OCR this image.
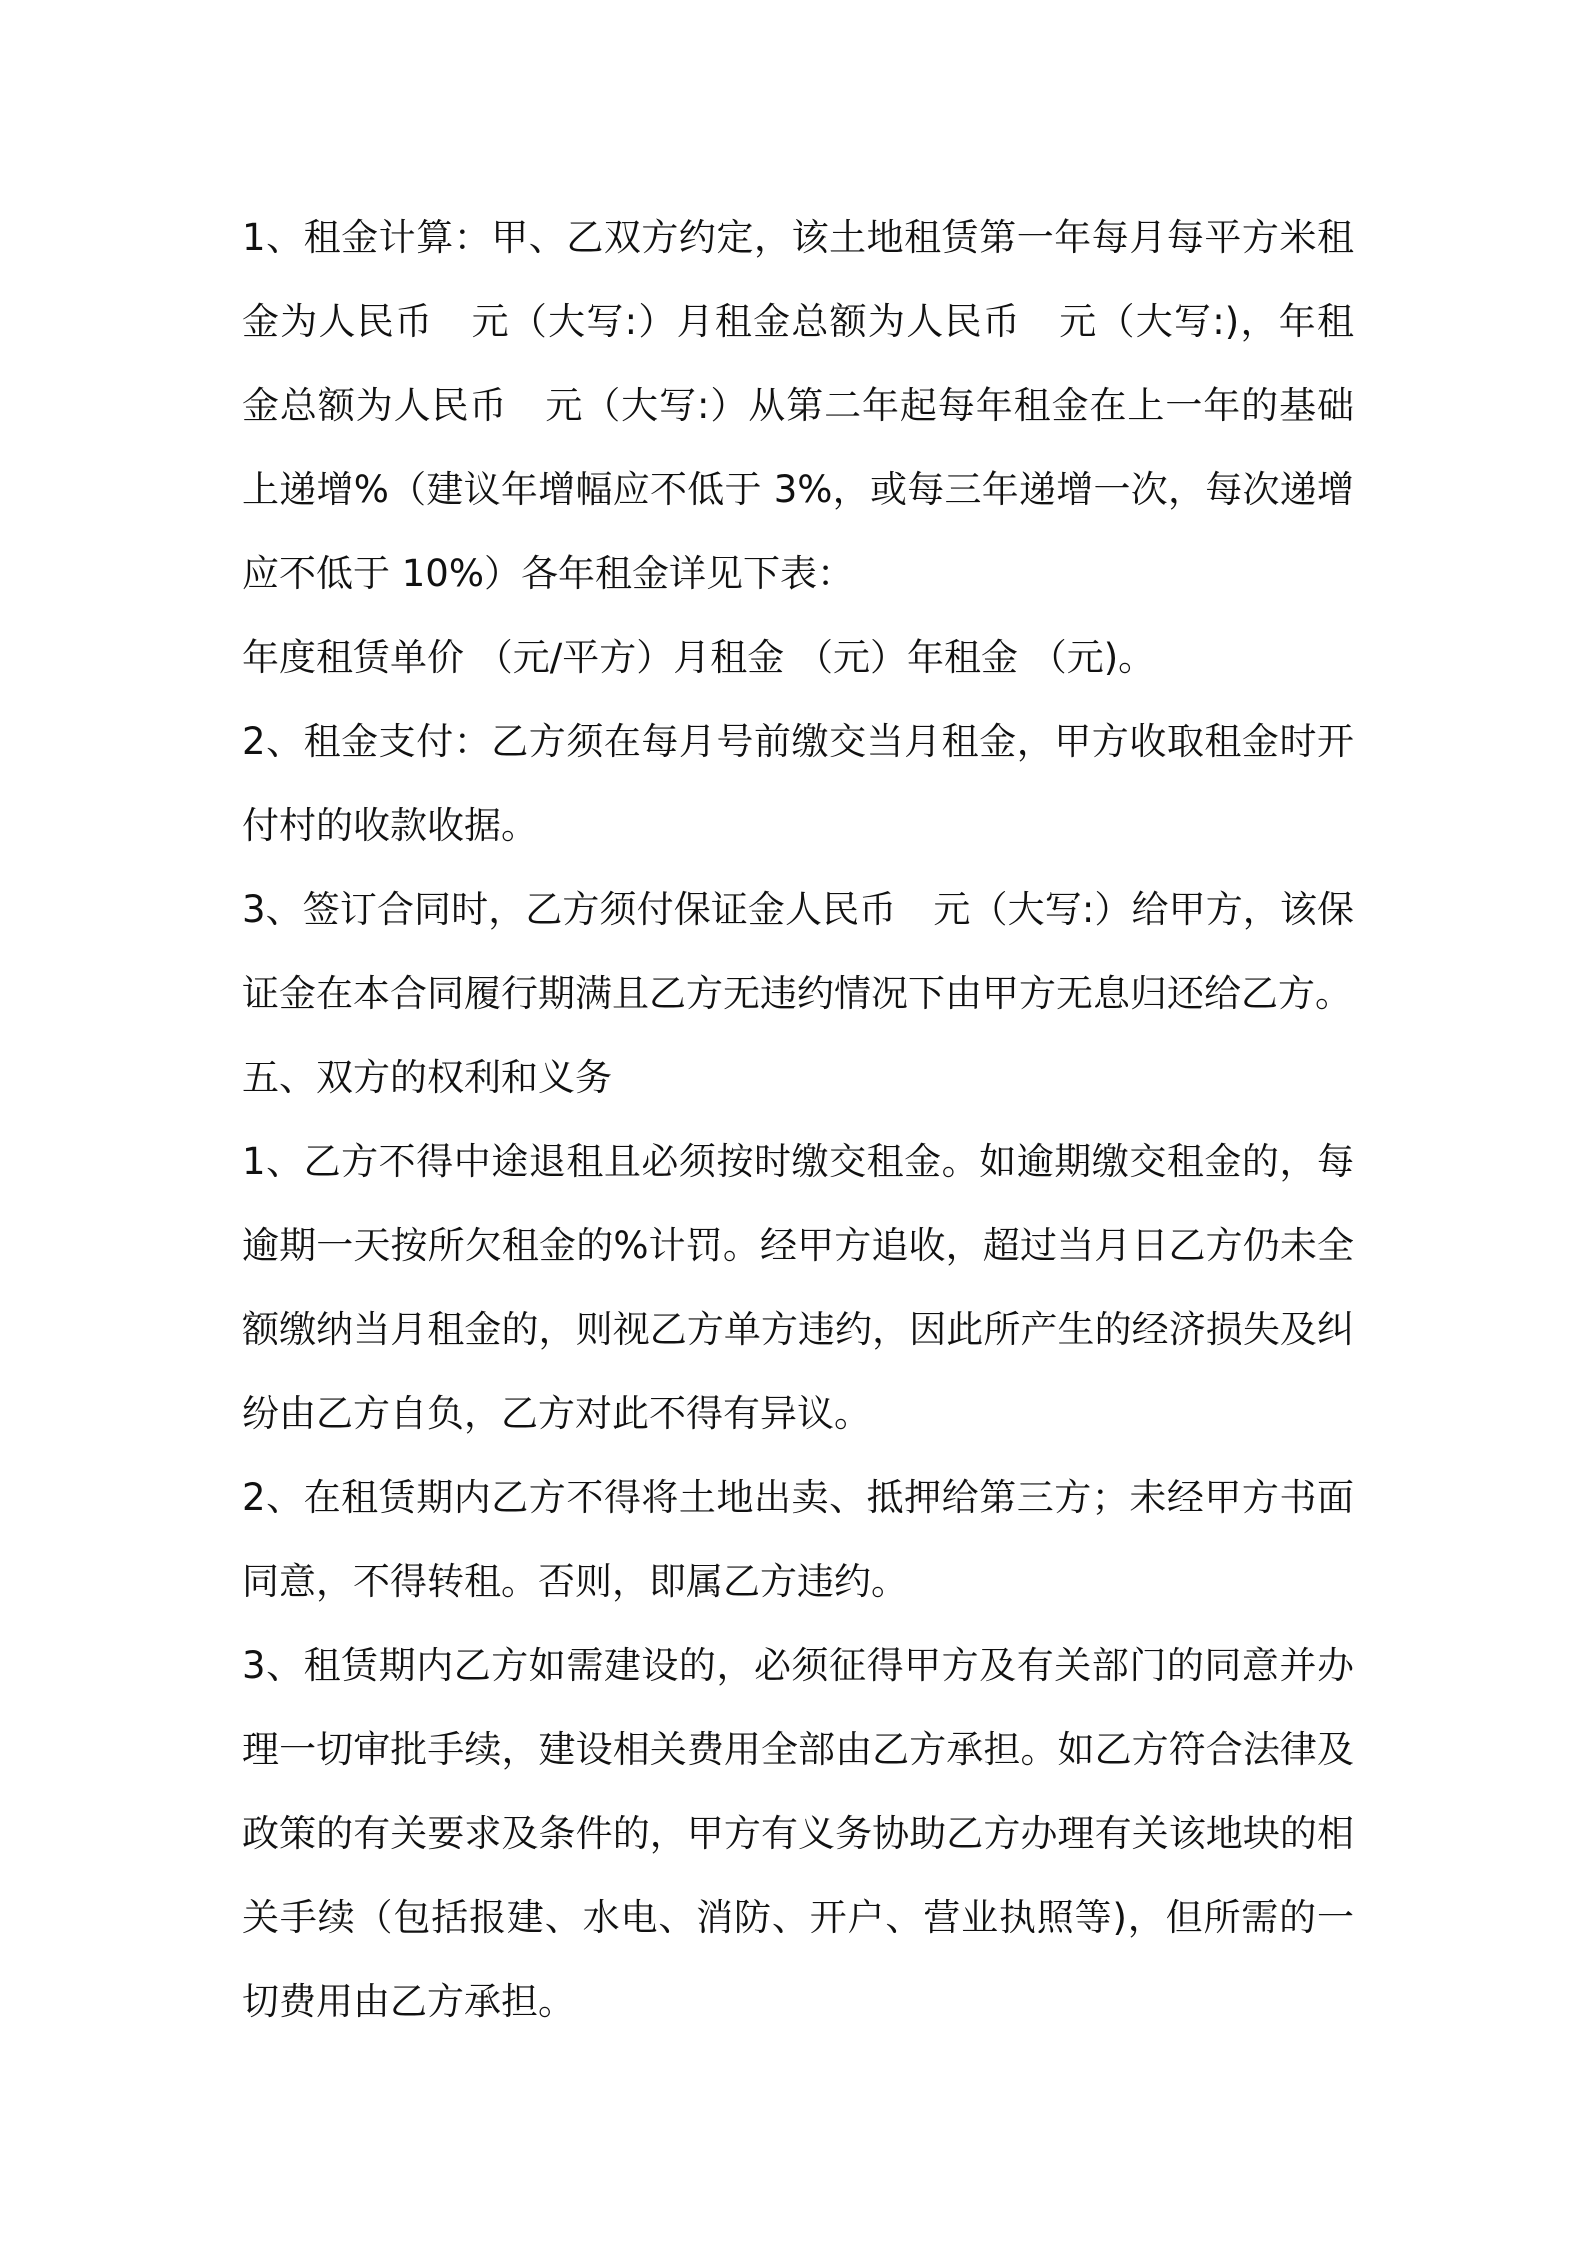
1、租金计算：甲、乙双方约定，该土地租赁第一年每月每平方米租金为人民币　元（大写:）月租金总额为人民币　元（大写:)，年租金总额为人民币　元（大写:）从第二年起每年租金在上一年的基础上递增%（建议年增幅应不低于 3%，或每三年递增一次，每次递增应不低于 10%）各年租金详见下表：

年度租赁单价 （元/平方）月租金 （元）年租金 （元)。

2、租金支付：乙方须在每月号前缴交当月租金，甲方收取租金时开付村的收款收据。

3、签订合同时，乙方须付保证金人民币　元（大写:）给甲方，该保证金在本合同履行期满且乙方无违约情况下由甲方无息归还给乙方。

五、双方的权利和义务

1、乙方不得中途退租且必须按时缴交租金。如逾期缴交租金的，每逾期一天按所欠租金的%计罚。经甲方追收，超过当月日乙方仍未全额缴纳当月租金的，则视乙方单方违约，因此所产生的经济损失及纠纷由乙方自负，乙方对此不得有异议。

2、在租赁期内乙方不得将土地出卖、抵押给第三方；未经甲方书面同意，不得转租。否则，即属乙方违约。

3、租赁期内乙方如需建设的，必须征得甲方及有关部门的同意并办理一切审批手续，建设相关费用全部由乙方承担。如乙方符合法律及政策的有关要求及条件的，甲方有义务协助乙方办理有关该地块的相关手续（包括报建、水电、消防、开户、营业执照等)，但所需的一切费用由乙方承担。
